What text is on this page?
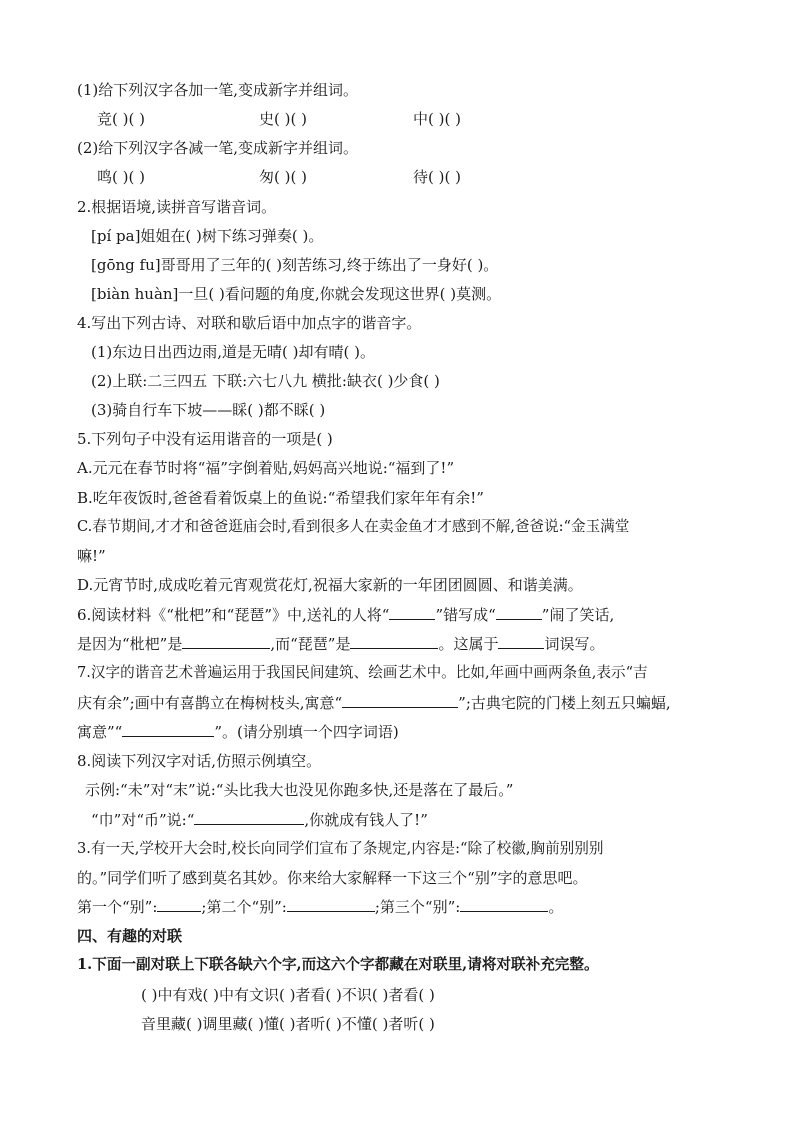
(1)给下列汉字各加一笔,变成新字并组词。
竞( )( )	史( )( )	中( )( )
(2)给下列汉字各减一笔,变成新字并组词。
鸣( )( )	匆( )( )	待( )( )
2.根据语境,读拼音写谐音词。
[pí pa]姐姐在( )树下练习弹奏( )。
[gōng fu]哥哥用了三年的( )刻苦练习,终于练出了一身好( )。
[biàn huàn]一旦( )看问题的角度,你就会发现这世界( )莫测。
4.写出下列古诗、对联和歇后语中加点字的谐音字。
(1)东边日出西边雨,道是无晴( )却有晴( )。
(2)上联:二三四五 下联:六七八九 横批:缺衣( )少食( )
(3)骑自行车下坡——睬( )都不睬( )
5.下列句子中没有运用谐音的一项是( )
A.元元在春节时将“福”字倒着贴,妈妈高兴地说:“福到了!”
B.吃年夜饭时,爸爸看着饭桌上的鱼说:“希望我们家年年有余!”
C.春节期间,才才和爸爸逛庙会时,看到很多人在卖金鱼才才感到不解,爸爸说:“金玉满堂
嘛!”
D.元宵节时,成成吃着元宵观赏花灯,祝福大家新的一年团团圆圆、和谐美满。
6.阅读材料《“枇杷”和“琵琶”》中,送礼的人将“	”错写成“	”闹了笑话,
是因为“枇杷”是	,而“琵琶”是	。这属于	词误写。
7.汉字的谐音艺术普遍运用于我国民间建筑、绘画艺术中。比如,年画中画两条鱼,表示“吉
庆有余”;画中有喜鹊立在梅树枝头,寓意“	”;古典宅院的门楼上刻五只蝙蝠,
寓意”“	”。(请分别填一个四字词语)
8.阅读下列汉字对话,仿照示例填空。
示例:“未”对“末”说:“头比我大也没见你跑多快,还是落在了最后。”
“巾”对“币”说:“	,你就成有钱人了!”
3.有一天,学校开大会时,校长向同学们宣布了条规定,内容是:“除了校徽,胸前别别别
的。”同学们听了感到莫名其妙。你来给大家解释一下这三个“别”字的意思吧。
第一个“别”:	;第二个“别”:	;第三个“别”:	。
四、有趣的对联
1.下面一副对联上下联各缺六个字,而这六个字都藏在对联里,请将对联补充完整。
( )中有戏( )中有文识( )者看( )不识( )者看( )
音里藏( )调里藏( )懂( )者听( )不懂( )者听( )
